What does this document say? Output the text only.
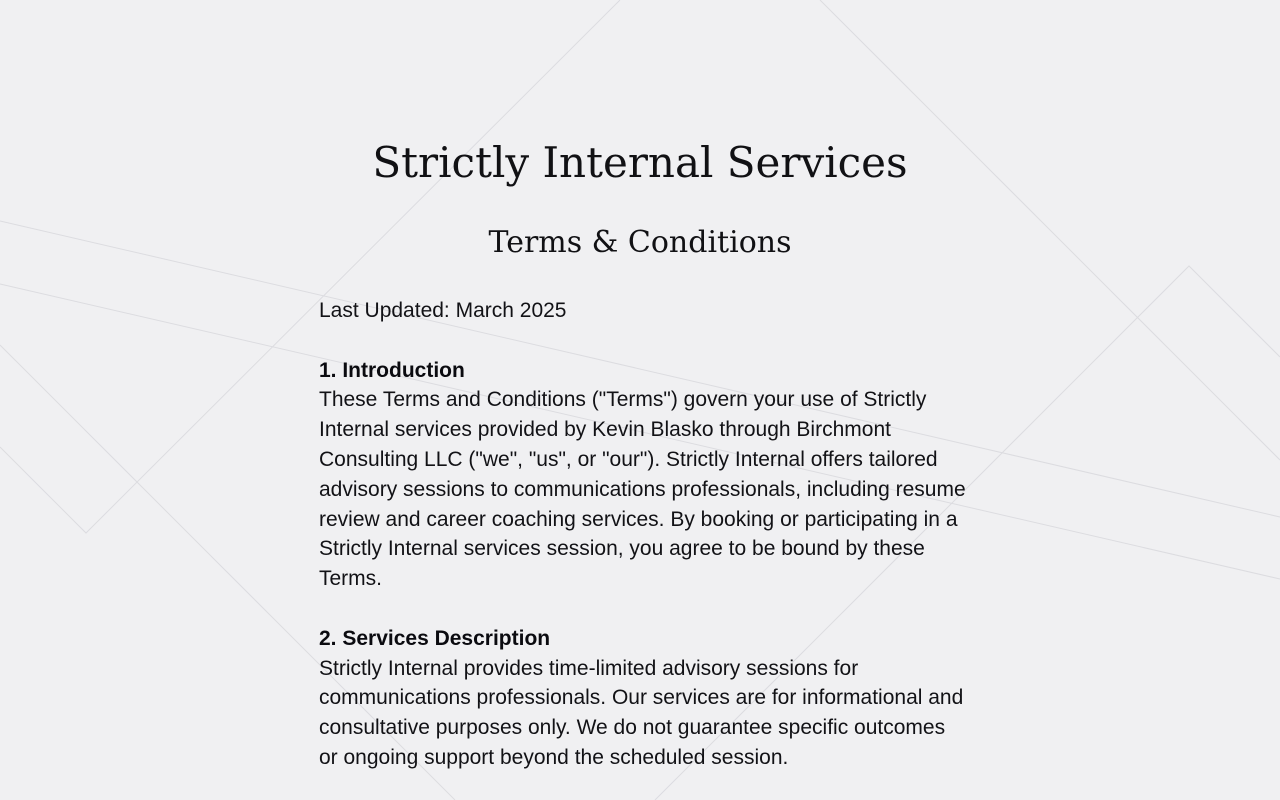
Strictly Internal Services
Terms & Conditions

Last Updated: March 2025

1. Introduction

These Terms and Conditions ("Terms") govern your use of Strictly Internal services provided by Kevin Blasko through Birchmont Consulting LLC ("we", "us", or "our"). Strictly Internal offers tailored advisory sessions to communications professionals, including resume review and career coaching services. By booking or participating in a Strictly Internal services session, you agree to be bound by these Terms.

2. Services Description

Strictly Internal provides time-limited advisory sessions for communications professionals. Our services are for informational and consultative purposes only. We do not guarantee specific outcomes or ongoing support beyond the scheduled session.
